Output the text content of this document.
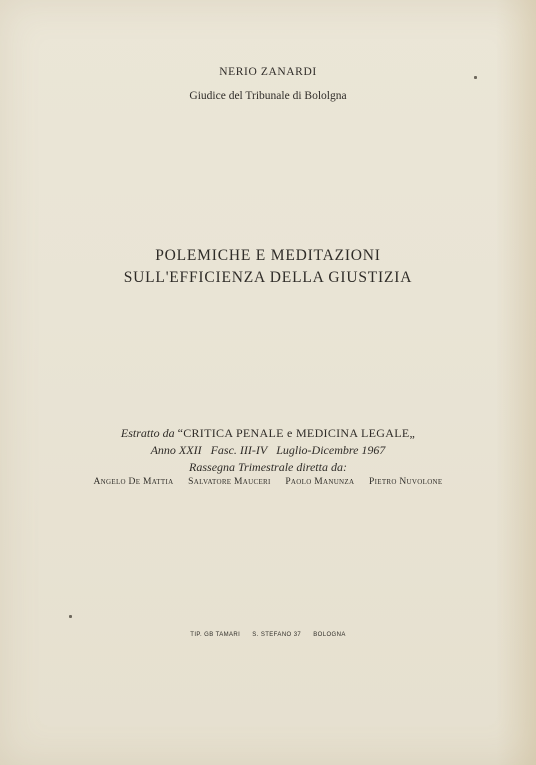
NERIO ZANARDI
Giudice del Tribunale di Bololgna
POLEMICHE E MEDITAZIONI
SULL'EFFICIENZA DELLA GIUSTIZIA
Estratto da “CRITICA PENALE e MEDICINA LEGALE„
Anno XXII Fasc. III-IV Luglio-Dicembre 1967
Rassegna Trimestrale diretta da:
Angelo De Mattia Salvatore Mauceri Paolo Manunza Pietro Nuvolone
TIP. GB TAMARI S. STEFANO 37 BOLOGNA
